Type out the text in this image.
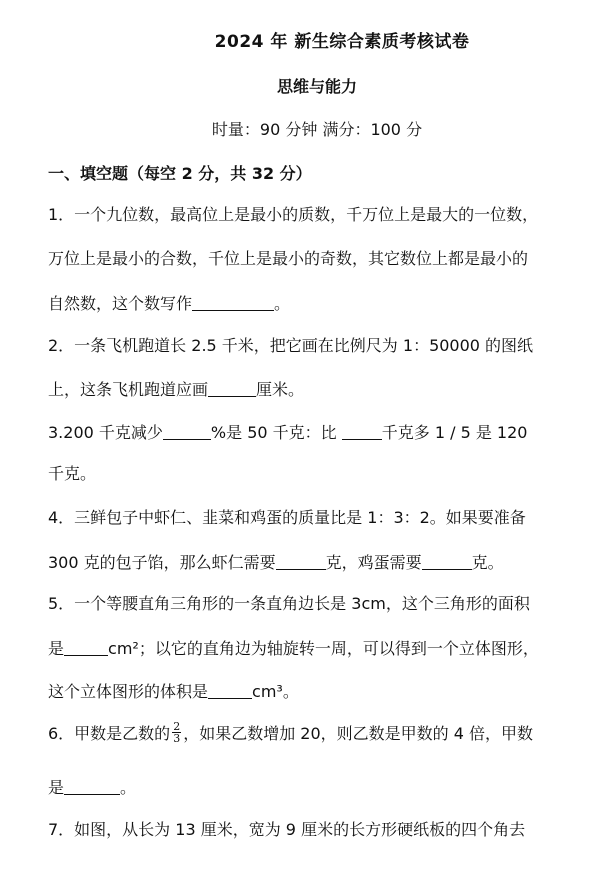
2024 年 新生综合素质考核试卷
思维与能力
时量：90 分钟 满分：100 分
一、填空题（每空 2 分，共 32 分）
1．一个九位数，最高位上是最小的质数，千万位上是最大的一位数，
万位上是最小的合数，千位上是最小的奇数，其它数位上都是最小的
自然数，这个数写作	。
2．一条飞机跑道长 2.5 千米，把它画在比例尺为 1：50000 的图纸
上，这条飞机跑道应画	厘米。
3.200 千克减少	%是 50 千克：比	千克多 1 / 5 是 120
千克。
4．三鲜包子中虾仁、韭菜和鸡蛋的质量比是 1：3：2。如果要准备
300 克的包子馅，那么虾仁需要	克，鸡蛋需要	克。
5．一个等腰直角三角形的一条直角边长是 3cm，这个三角形的面积
是	cm²；以它的直角边为轴旋转一周，可以得到一个立体图形，
这个立体图形的体积是	cm³。
6．甲数是乙数的 $\frac{2}{3}$ ，如果乙数增加 20，则乙数是甲数的 4 倍，甲数
是	。
7．如图，从长为 13 厘米，宽为 9 厘米的长方形硬纸板的四个角去
